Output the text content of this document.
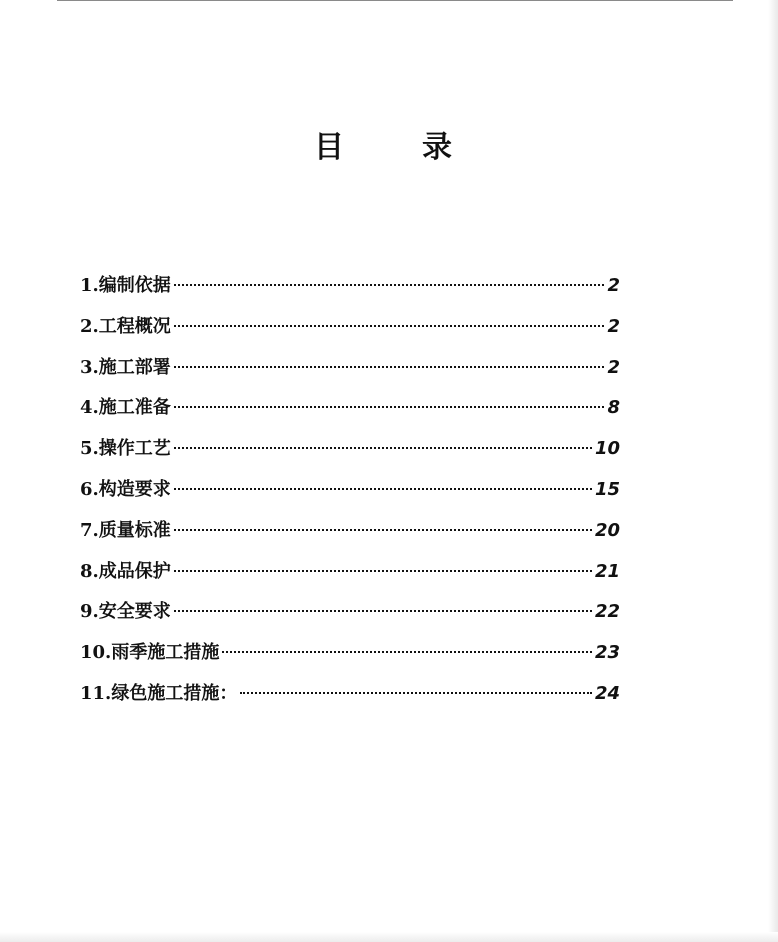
目　录
1.编制依据	2
2.工程概况	2
3.施工部署	2
4.施工准备	8
5.操作工艺	10
6.构造要求	15
7.质量标准	20
8.成品保护	21
9.安全要求	22
10.雨季施工措施	23
11.绿色施工措施：	24
